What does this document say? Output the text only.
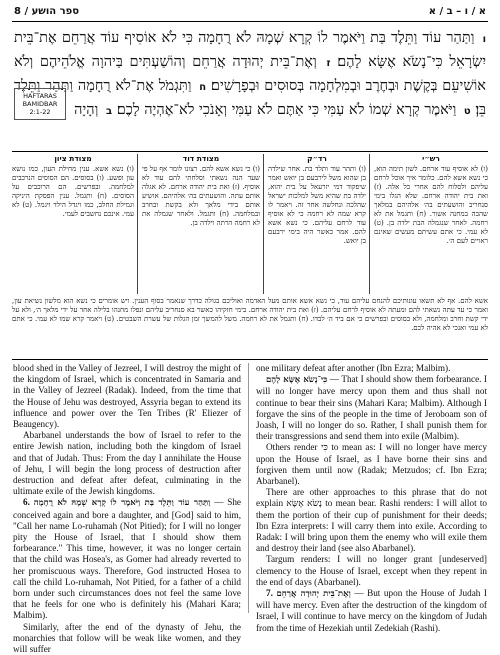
8 / ספר הושע	א / ו – ב / א
ו וַתַּהַר עוֹד וַתֵּלֶד בַּת וַיֹּאמֶר לוֹ קְרָא שְׁמָהּ לֹא רֻחָמָה כִּי לֹא אוֹסִיף עוֹד אֲרַחֵם אֶת־בֵּית יִשְׂרָאֵל כִּי־נָשֹׂא אֶשָּׂא לָהֶם׃ ז וְאֶת־בֵּית יְהוּדָה אֲרַחֵם וְהוֹשַׁעְתִּים בַּיהוָה אֱלֹהֵיהֶם וְלֹא אוֹשִׁיעֵם בְּקֶשֶׁת וּבְחֶרֶב וּבְמִלְחָמָה בְּסוּסִים וּבְפָרָשִׁים׃ ח וַתִּגְמֹל אֶת־לֹא רֻחָמָה וַתַּהַר וַתֵּלֶד בֵּן׃ ט וַיֹּאמֶר קְרָא שְׁמוֹ לֹא עַמִּי כִּי אַתֶּם לֹא עַמִּי וְאָנֹכִי לֹא־אֶהְיֶה לָכֶם׃ ב וְהָיָה
HAFTARAS
BAMIDBAR
2:1-22
רש״י
(ו) לא אוסיף עוד ארחם. לשון תימה הוא, כי נשא אשא להם. כלומר איך אוכל לרחם עליהם ולסלוח להם אחרי כל אלה. (ז) ואת בית יהודה ארחם. שלא הגלו בימי סנחריב והושעתים בה׳ אלהיהם במלאך שהכה במחנה אשור. (ח) ותגמל את לא רחמה. לאחר שנגמלה הבת ילדה בן. (ט) לא עמי. כי אתם עשיתם מעשים שאינם ראויים לעם ה׳.
רד״ק
(ו) ותהר עוד ותלד בת. אחר שילדה בן שהוא משל לירבעם בן יואש ואמר שיפקוד דמי יזרעאל על בית יהוא, ילדה בת שהיא משל למלכות ישראל שהלכה ונחלשה אחר זה. ויאמר לו קרא שמה לא רחמה כי לא אוסיף עוד לרחם עליהם. כי נשא אשא להם. אמר כאשר היה בימי ירבעם בן יואש.
מצודת דוד
(ו) כי נשא אשא להם. רצונו לומר אף על פי שעד הנה נשאתי וסלחתי להם עוד לא אוסיף. (ז) ואת בית יהודה ארחם. לא אגלה אותם עתה. והושעתים בה׳ אלהיהם. אושיע אותם בידי מלאך ולא בקשת ובחרב ובמלחמה. (ח) ותגמל. ולאחר שגמלה את לא רחמה הרתה וילדה בן.
מצודת ציון
(ו) נשא אשא. ענין מחילת העון, כמו נושא עון ופשע. (ז) בסוסים. הם הסוסים הנרכבים למלחמה. ובפרשים. הם הרוכבים על הסוסים. (ח) ותגמל. ענין הפסקת היניקה וגמילת החלב, כמו ויגדל הילד ויגמל. (ט) לא עמי. אינכם נחשבים לעמי.
אשא להם. אף לא תשאו עונותיכם להנחם עליהם עוד, כי נשא אשא אותם מעל האדמה ואוליכם בגולה כדרך שנאמר בסוף הענין. ויש אומרים כי נשא הוא מלשון נשיאת עון, ואמר כי עד עתה נשאתי להם ומעתה לא אוסיף לרחם עליהם. (ז) ואת בית יהודה ארחם. בימי חזקיהו כאשר בא סנחריב עליהם ונפלו מחנהו בלילה אחד על ידי מלאך ה׳, ולא על ידי קשת וחרב ומלחמה, ולא בסוסים ובפרשים כי אם ביד ה׳ לבדו. (ח) ותגמל את לא רחמה. משל להמשך זמן הגלות של עשרת השבטים. (ט) ויאמר קרא שמו לא עמי. כי אתם לא עמי ואנכי לא אהיה לכם.

blood shed in the Valley of Jezreel, I will destroy the might of the kingdom of Israel, which is concentrated in Samaria and in the Valley of Jezreel (Radak). Indeed, from the time that the House of Jehu was destroyed, Assyria began to extend its influence and power over the Ten Tribes (R' Eliezer of Beaugency).

Abarbanel understands the bow of Israel to refer to the entire Jewish nation, including both the kingdom of Israel and that of Judah. Thus: From the day I annihilate the House of Jehu, I will begin the long process of destruction after destruction and defeat after defeat, culminating in the ultimate exile of the Jewish kingdoms.

6. וַתַּהַר עוֹד וַתֵּלֶד בַּת וַיֹּאמֶר לוֹ קְרָא שְׁמָהּ לֹא רֻחָמָה — She conceived again and bore a daughter, and [God] said to him, "Call her name Lo-ruhamah (Not Pitied); for I will no longer pity the House of Israel, that I should show them forbearance." This time, however, it was no longer certain that the child was Hosea's, as Gomer had already reverted to her promiscuous ways. Therefore, God instructed Hosea to call the child Lo-ruhamah, Not Pitied, for a father of a child born under such circumstances does not feel the same love that he feels for one who is definitely his (Mahari Kara; Malbim).

Similarly, after the end of the dynasty of Jehu, the monarchies that follow will be weak like women, and they will suffer

one military defeat after another (Ibn Ezra; Malbim).

כִּי־נָשֹׂא אֶשָּׂא לָהֶם — That I should show them forbearance. I will no longer have mercy upon them and thus shall not continue to bear their sins (Mahari Kara; Malbim). Although I forgave the sins of the people in the time of Jeroboam son of Joash, I will no longer do so. Rather, I shall punish them for their transgressions and send them into exile (Malbim).

Others render כִּי to mean as: I will no longer have mercy upon the House of Israel, as I have borne their sins and forgiven them until now (Radak; Metzudos; cf. Ibn Ezra; Abarbanel).

There are other approaches to this phrase that do not explain נָשֹׂא אֶשָּׂא to mean bear. Rashi renders: I will allot to them the portion of their cup of punishment for their deeds; Ibn Ezra interprets: I will carry them into exile. According to Radak: I will bring upon them the enemy who will exile them and destroy their land (see also Abarbanel).

Targum renders: I will no longer grant [undeserved] clemency to the House of Israel, except when they repent in the end of days (Abarbanel).

7. וְאֶת־בֵּית יְהוּדָה אֲרַחֵם — But upon the House of Judah I will have mercy. Even after the destruction of the kingdom of Israel, I will continue to have mercy on the kingdom of Judah from the time of Hezekiah until Zedekiah (Rashi).
